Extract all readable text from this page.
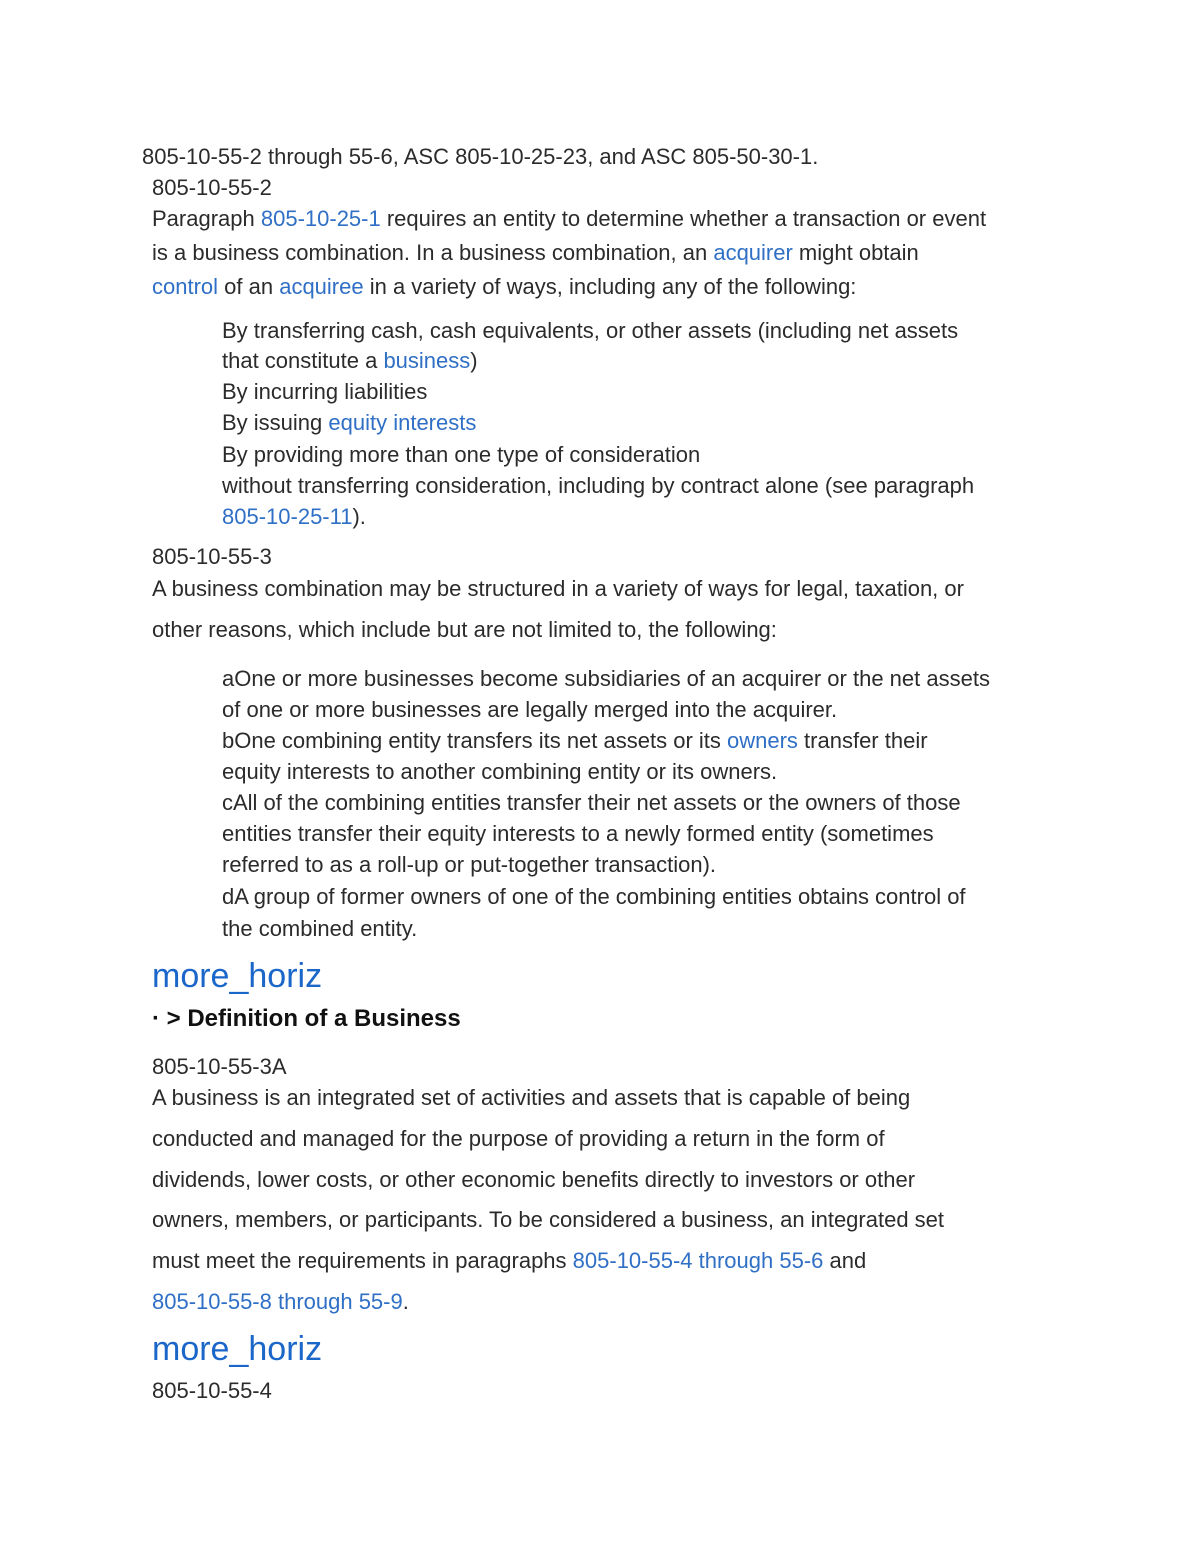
805-10-55-2 through 55-6, ASC 805-10-25-23, and ASC 805-50-30-1.
805-10-55-2
Paragraph 805-10-25-1 requires an entity to determine whether a transaction or event
is a business combination. In a business combination, an acquirer might obtain
control of an acquiree in a variety of ways, including any of the following:
By transferring cash, cash equivalents, or other assets (including net assets
that constitute a business)
By incurring liabilities
By issuing equity interests
By providing more than one type of consideration
without transferring consideration, including by contract alone (see paragraph
805-10-25-11).
805-10-55-3
A business combination may be structured in a variety of ways for legal, taxation, or
other reasons, which include but are not limited to, the following:
aOne or more businesses become subsidiaries of an acquirer or the net assets
of one or more businesses are legally merged into the acquirer.
bOne combining entity transfers its net assets or its owners transfer their
equity interests to another combining entity or its owners.
cAll of the combining entities transfer their net assets or the owners of those
entities transfer their equity interests to a newly formed entity (sometimes
referred to as a roll-up or put-together transaction).
dA group of former owners of one of the combining entities obtains control of
the combined entity.
more_horiz
· > Definition of a Business
805-10-55-3A
A business is an integrated set of activities and assets that is capable of being
conducted and managed for the purpose of providing a return in the form of
dividends, lower costs, or other economic benefits directly to investors or other
owners, members, or participants. To be considered a business, an integrated set
must meet the requirements in paragraphs 805-10-55-4 through 55-6 and
805-10-55-8 through 55-9.
more_horiz
805-10-55-4
